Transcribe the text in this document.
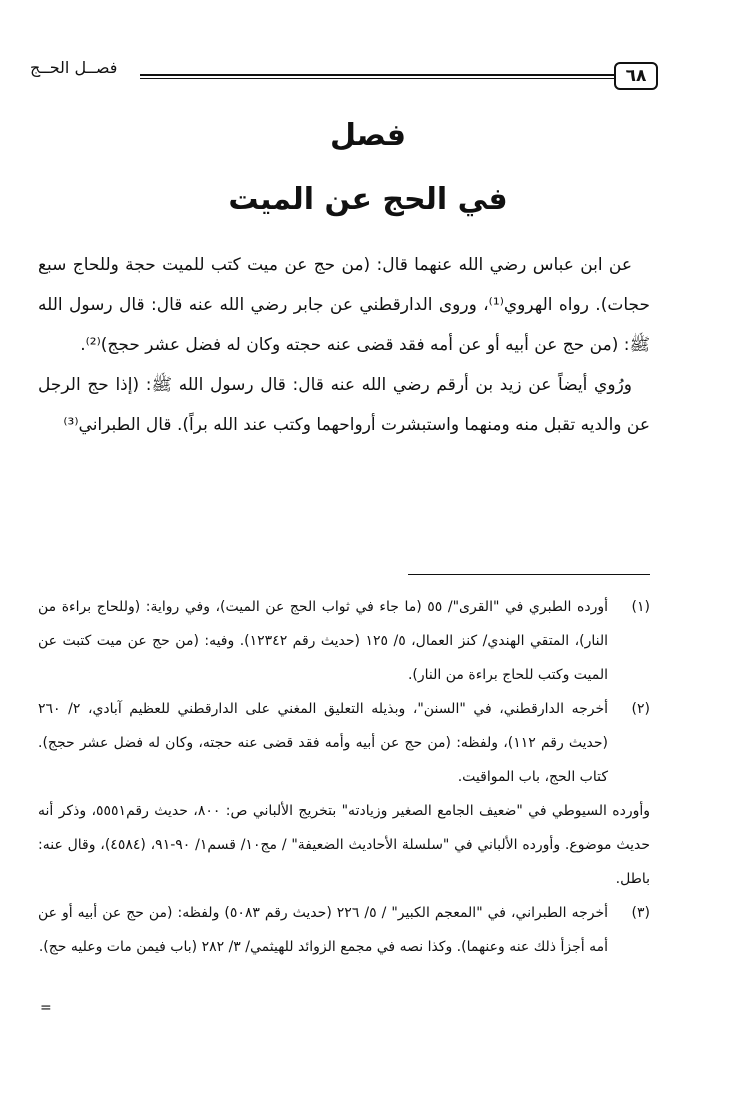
٦٨
فصــل الحــج
فصل
في الحج عن الميت

عن ابن عباس رضي الله عنهما قال: (من حج عن ميت كتب للميت حجة وللحاج سبع حجات). رواه الهروي⁽¹⁾، وروى الدارقطني عن جابر رضي الله عنه قال: قال رسول الله ﷺ: (من حج عن أبيه أو عن أمه فقد قضى عنه حجته وكان له فضل عشر حجج)⁽²⁾.

ورُوي أيضاً عن زيد بن أرقم رضي الله عنه قال: قال رسول الله ﷺ: (إذا حج الرجل عن والديه تقبل منه ومنهما واستبشرت أرواحهما وكتب عند الله براً). قال الطبراني⁽³⁾

(١)

أورده الطبري في "القرى"/ ٥٥ (ما جاء في ثواب الحج عن الميت)، وفي رواية: (وللحاج براءة من النار)، المتقي الهندي/ كنز العمال، ٥/ ١٢٥ (حديث رقم ١٢٣٤٢). وفيه: (من حج عن ميت كتبت عن الميت وكتب للحاج براءة من النار).

(٢)

أخرجه الدارقطني، في "السنن"، وبذيله التعليق المغني على الدارقطني للعظيم آبادي، ٢/ ٢٦٠ (حديث رقم ١١٢)، ولفظه: (من حج عن أبيه وأمه فقد قضى عنه حجته، وكان له فضل عشر حجج). كتاب الحج، باب المواقيت.

وأورده السيوطي في "ضعيف الجامع الصغير وزيادته" بتخريج الألباني ص: ٨٠٠، حديث رقم٥٥٥١، وذكر أنه حديث موضوع. وأورده الألباني في "سلسلة الأحاديث الضعيفة" / مج١٠/ قسم١/ ٩٠-٩١، (٤٥٨٤)، وقال عنه: باطل.

(٣)

أخرجه الطبراني، في "المعجم الكبير" / ٥/ ٢٢٦ (حديث رقم ٥٠٨٣) ولفظه: (من حج عن أبيه أو عن أمه أجزأ ذلك عنه وعنهما). وكذا نصه في مجمع الزوائد للهيثمي/ ٣/ ٢٨٢ (باب فيمن مات وعليه حج).

=
